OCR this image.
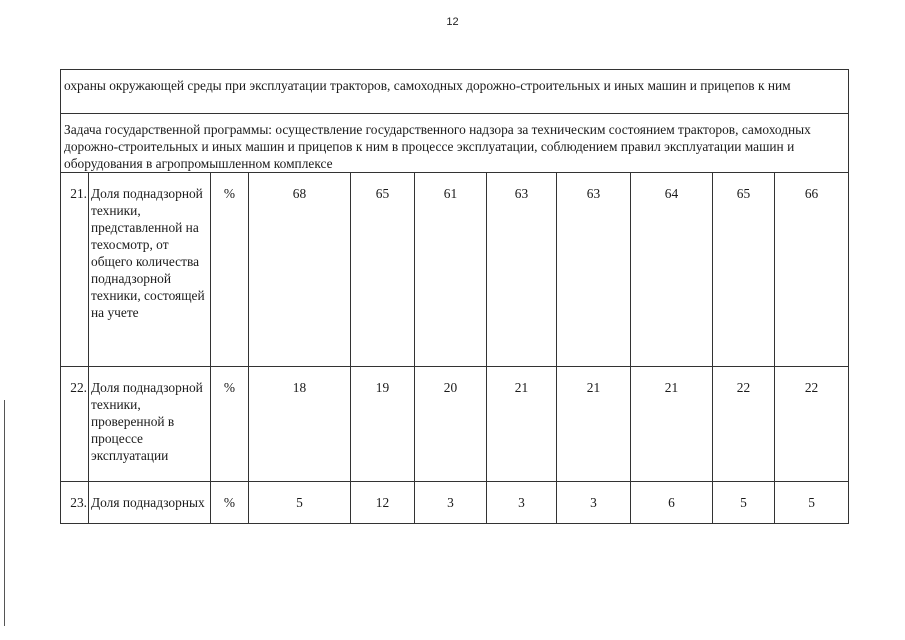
12
охраны окружающей среды при эксплуатации тракторов, самоходных дорожно-строительных и иных машин и прицепов к ним										
Задача государственной программы: осуществление государственного надзора за техническим состоянием тракторов, самоходных дорожно-строительных и иных машин и прицепов к ним в процессе эксплуатации, соблюдением правил эксплуатации машин и оборудования в агропромышленном комплексе										
21.	Доля поднадзорной техники, представленной на техосмотр, от общего количества поднадзорной техники, состоящей на учете	%	68	65	61	63	63	64	65	66
22.	Доля поднадзорной техники, проверенной в процессе эксплуатации	%	18	19	20	21	21	21	22	22
23.	Доля поднадзорных	%	5	12	3	3	3	6	5	5
